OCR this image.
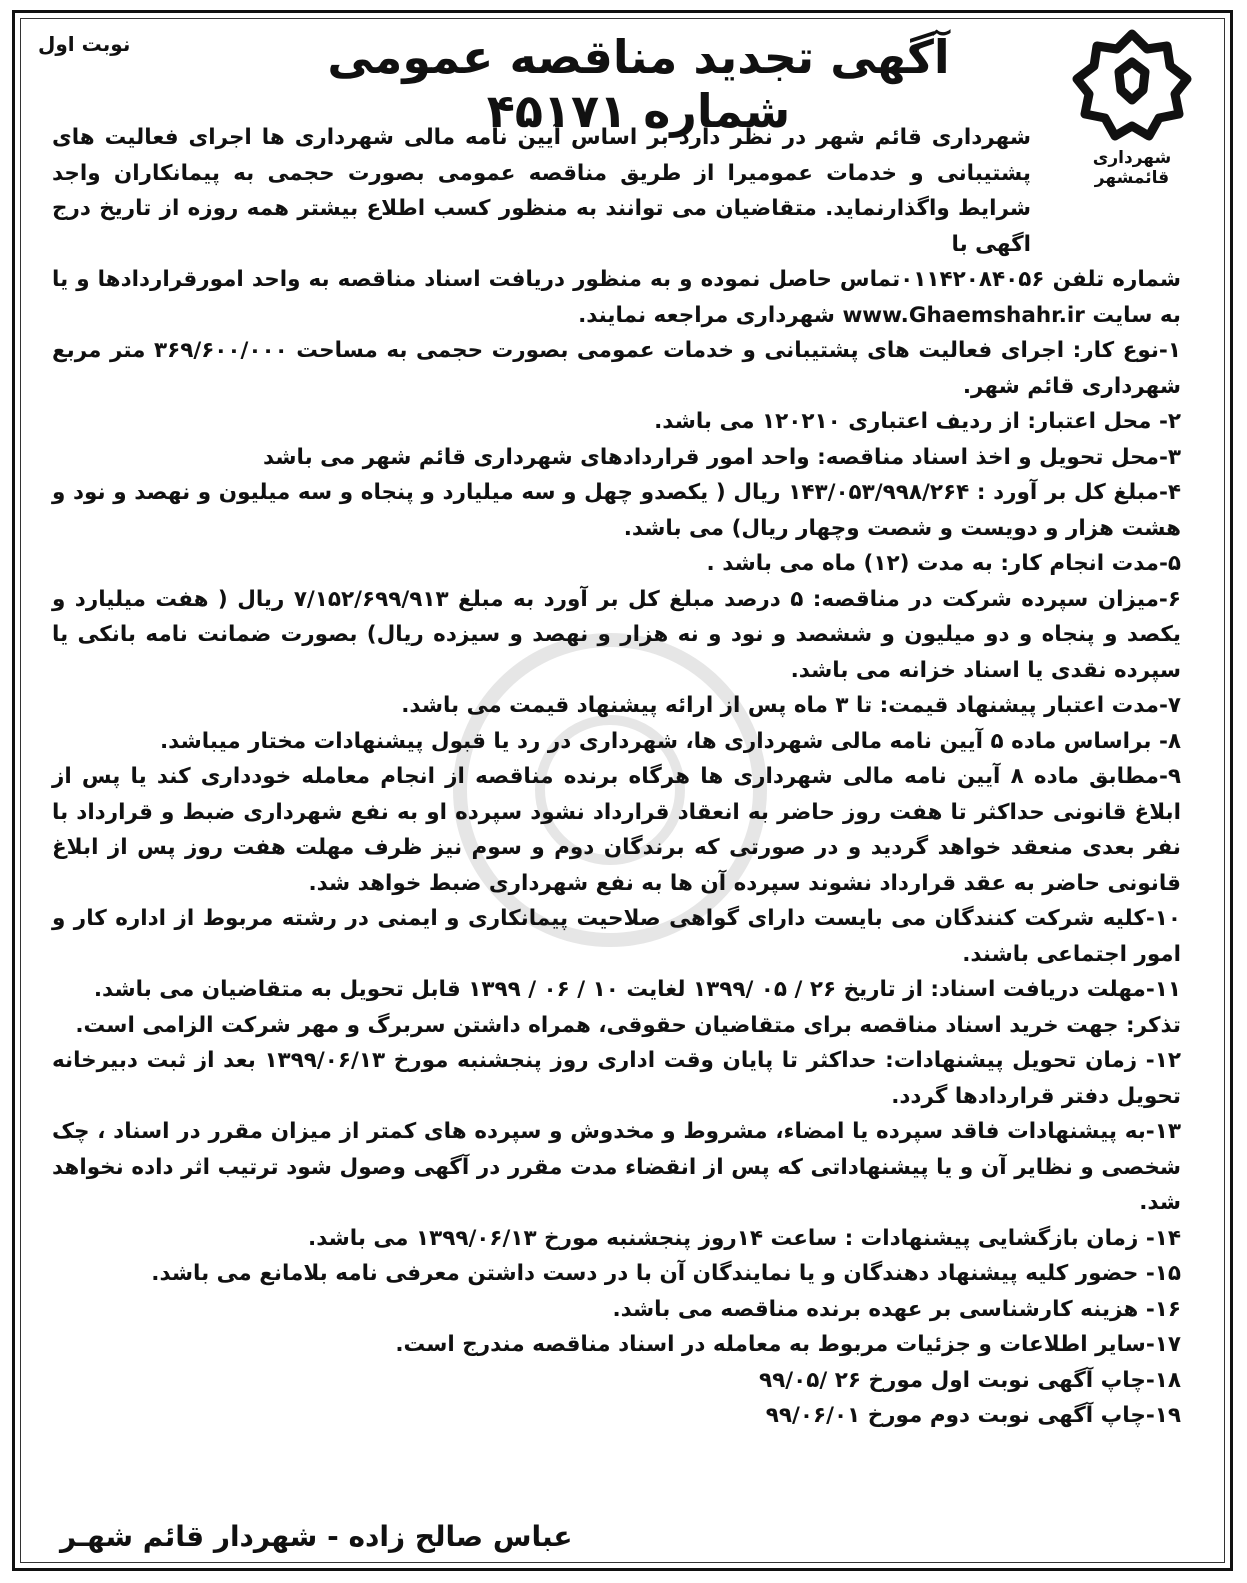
نوبت اول	آگهی تجدید مناقصه عمومی شماره ۴۵۱۷۱
شهرداری قائمشهر

شهرداری قائم شهر در نظر دارد بر اساس آیین نامه مالی شهرداری ها اجرای فعالیت های پشتیبانی و خدمات عمومیرا از طریق مناقصه عمومی بصورت حجمی به پیمانکاران واجد شرایط واگذارنماید. متقاضیان می توانند به منظور کسب اطلاع بیشتر همه روزه از تاریخ درج اگهی با

شماره تلفن ۰۱۱۴۲۰۸۴۰۵۶تماس حاصل نموده و به منظور دریافت اسناد مناقصه به واحد امورقراردادها و یا به سایت www.Ghaemshahr.ir شهرداری مراجعه نمایند.

۱-نوع کار: اجرای فعالیت های پشتیبانی و خدمات عمومی بصورت حجمی به مساحت ۳۶۹/۶۰۰/۰۰۰ متر مربع شهرداری قائم شهر.

۲- محل اعتبار: از ردیف اعتباری ۱۲۰۲۱۰ می باشد.

۳-محل تحویل و اخذ اسناد مناقصه: واحد امور قراردادهای شهرداری قائم شهر می باشد

۴-مبلغ کل بر آورد : ۱۴۳/۰۵۳/۹۹۸/۲۶۴ ریال ( یکصدو چهل و سه میلیارد و پنجاه و سه میلیون و نهصد و نود و هشت هزار و دویست و شصت وچهار ریال) می باشد.

۵-مدت انجام کار: به مدت (۱۲) ماه می باشد .

۶-میزان سپرده شرکت در مناقصه: ۵ درصد مبلغ کل بر آورد به مبلغ ۷/۱۵۲/۶۹۹/۹۱۳ ریال ( هفت میلیارد و یکصد و پنجاه و دو میلیون و ششصد و نود و نه هزار و نهصد و سیزده ریال) بصورت ضمانت نامه بانکی یا سپرده نقدی یا اسناد خزانه می باشد.

۷-مدت اعتبار پیشنهاد قیمت: تا ۳ ماه پس از ارائه پیشنهاد قیمت می باشد.

۸- براساس ماده ۵ آیین نامه مالی شهرداری ها، شهرداری در رد یا قبول پیشنهادات مختار میباشد.

۹-مطابق ماده ۸ آیین نامه مالی شهرداری ها هرگاه برنده مناقصه از انجام معامله خودداری کند یا پس از ابلاغ قانونی حداکثر تا هفت روز حاضر به انعقاد قرارداد نشود سپرده او به نفع شهرداری ضبط و قرارداد با نفر بعدی منعقد خواهد گردید و در صورتی که برندگان دوم و سوم نیز ظرف مهلت هفت روز پس از ابلاغ قانونی حاضر به عقد قرارداد نشوند سپرده آن ها به نفع شهرداری ضبط خواهد شد.

۱۰-کلیه شرکت کنندگان می بایست دارای گواهی صلاحیت پیمانکاری و ایمنی در رشته مربوط از اداره کار و امور اجتماعی باشند.

۱۱-مهلت دریافت اسناد: از تاریخ ۲۶ / ۰۵ /۱۳۹۹ لغایت ۱۰ / ۰۶ / ۱۳۹۹ قابل تحویل به متقاضیان می باشد.

تذکر: جهت خرید اسناد مناقصه برای متقاضیان حقوقی، همراه داشتن سربرگ و مهر شرکت الزامی است.

۱۲- زمان تحویل پیشنهادات: حداکثر تا پایان وقت اداری روز پنجشنبه مورخ ۱۳۹۹/۰۶/۱۳ بعد از ثبت دبیرخانه تحویل دفتر قراردادها گردد.

۱۳-به پیشنهادات فاقد سپرده یا امضاء، مشروط و مخدوش و سپرده های کمتر از میزان مقرر در اسناد ، چک شخصی و نظایر آن و یا پیشنهاداتی که پس از انقضاء مدت مقرر در آگهی وصول شود ترتیب اثر داده نخواهد شد.

۱۴- زمان بازگشایی پیشنهادات : ساعت ۱۴روز پنجشنبه مورخ ۱۳۹۹/۰۶/۱۳ می باشد.

۱۵- حضور کلیه پیشنهاد دهندگان و یا نمایندگان آن با در دست داشتن معرفی نامه بلامانع می باشد.

۱۶- هزینه کارشناسی بر عهده برنده مناقصه می باشد.

۱۷-سایر اطلاعات و جزئیات مربوط به معامله در اسناد مناقصه مندرج است.

۱۸-چاپ آگهی نوبت اول مورخ ۲۶ /۹۹/۰۵

۱۹-چاپ آگهی نوبت دوم مورخ ۹۹/۰۶/۰۱

عباس صالح زاده - شهردار قائم شهـر
